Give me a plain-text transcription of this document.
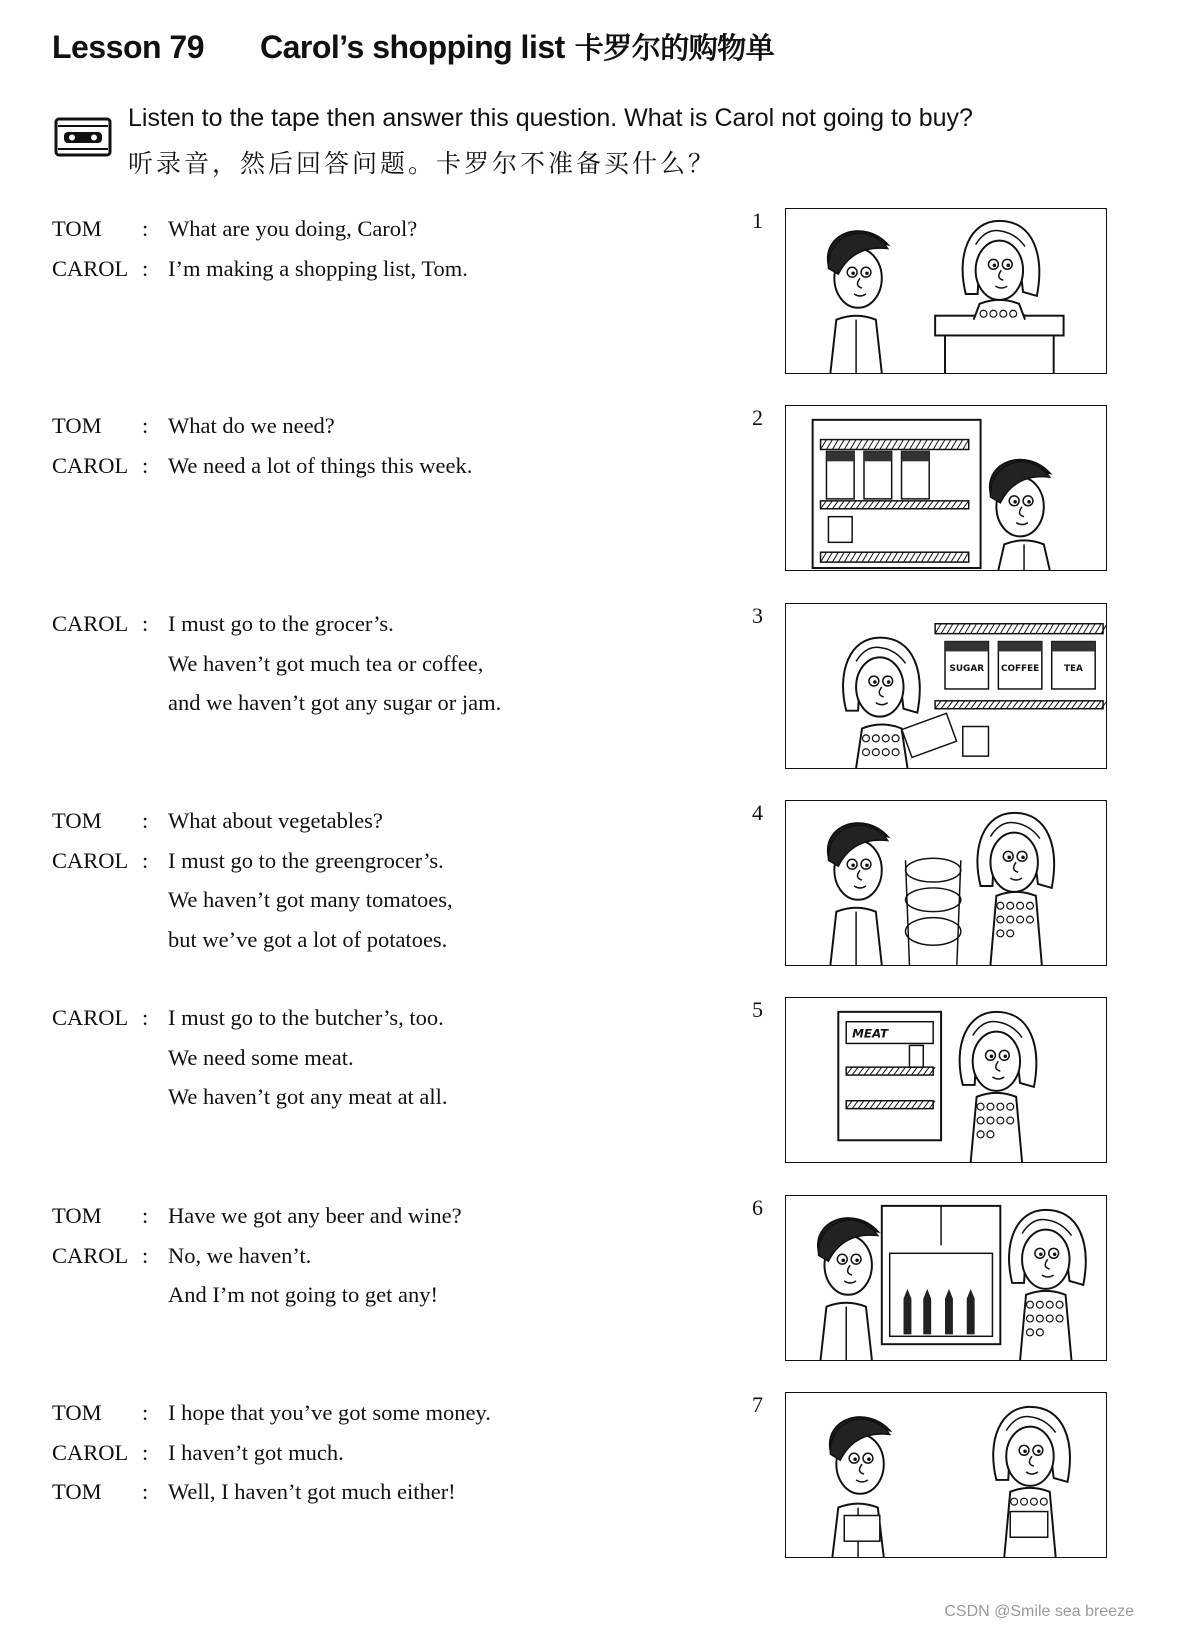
Lesson 79 Carol’s shopping list 卡罗尔的购物单
Listen to the tape then answer this question. What is Carol not going to buy?
听录音，然后回答问题。卡罗尔不准备买什么？
TOM : What are you doing, Carol?
CAROL : I’m making a shopping list, Tom.
1
TOM : What do we need?
CAROL : We need a lot of things this week.
2
CAROL : I must go to the grocer’s.
We haven’t got much tea or coffee,
and we haven’t got any sugar or jam.
3
SUGAR COFFEE	TEA
TOM : What about vegetables?
CAROL : I must go to the greengrocer’s.
We haven’t got many tomatoes,
but we’ve got a lot of potatoes.
4
CAROL : I must go to the butcher’s, too.
We need some meat.
We haven’t got any meat at all.
5
MEAT
TOM : Have we got any beer and wine?
CAROL : No, we haven’t.
And I’m not going to get any!
6
TOM : I hope that you’ve got some money.
CAROL : I haven’t got much.
TOM : Well, I haven’t got much either!
7
CSDN @Smile sea breeze
